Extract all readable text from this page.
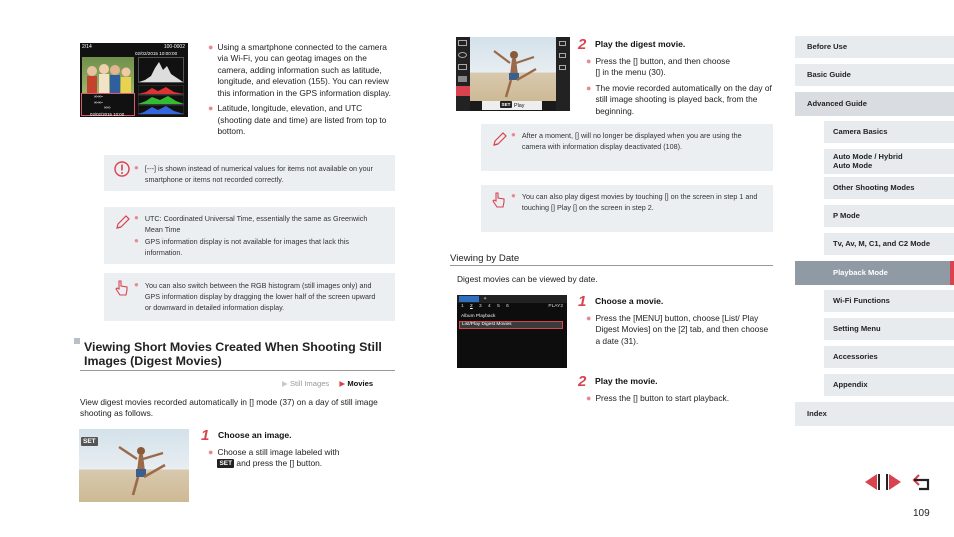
2/14	100-0002
02/02/2015 10:00:00
ºº'ºº"
ºº'ºº"
ºººº
02/02/2015 10:00
● Using a smartphone connected to the camera via Wi-Fi, you can geotag images on the camera, adding information such as latitude, longitude, and elevation (155). You can review this information in the GPS information display.
● Latitude, longitude, elevation, and UTC (shooting date and time) are listed from top to bottom.
● [---] is shown instead of numerical values for items not available on your smartphone or items not recorded correctly.
● UTC: Coordinated Universal Time, essentially the same as Greenwich Mean Time
● GPS information display is not available for images that lack this information.
● You can also switch between the RGB histogram (still images only) and GPS information display by dragging the lower half of the screen upward or downward in detailed information display.
Viewing Short Movies Created When Shooting Still Images (Digest Movies)
▶ Still Images ▶ Movies
View digest movies recorded automatically in [] mode (37) on a day of still image shooting as follows.
SET	1 Choose an image.
● Choose a still image labeled with
SET and press the [] button.
SET Play
2 Play the digest movie.
● Press the [] button, and then choose
[] in the menu (30).
● The movie recorded automatically on the day of still image shooting is played back, from the beginning.
● After a moment, [] will no longer be displayed when you are using the camera with information display deactivated (108).
● You can also play digest movies by touching [] on the screen in step 1 and touching [] Play [] on the screen in step 2.
Viewing by Date
Digest movies can be viewed by date.
✦
1 2 3 4 5 6	PLAY2
Album Playback
List/Play Digest Movies
1 Choose a movie.
● Press the [MENU] button, choose [List/ Play Digest Movies] on the [2] tab, and then choose a date (31).
2 Play the movie.
● Press the [] button to start playback.
Before Use
Basic Guide
Advanced Guide
Camera Basics
Auto Mode / Hybrid Auto Mode
Other Shooting Modes
P Mode
Tv, Av, M, C1, and C2 Mode
Playback Mode
Wi-Fi Functions
Setting Menu
Accessories
Appendix
Index
109
